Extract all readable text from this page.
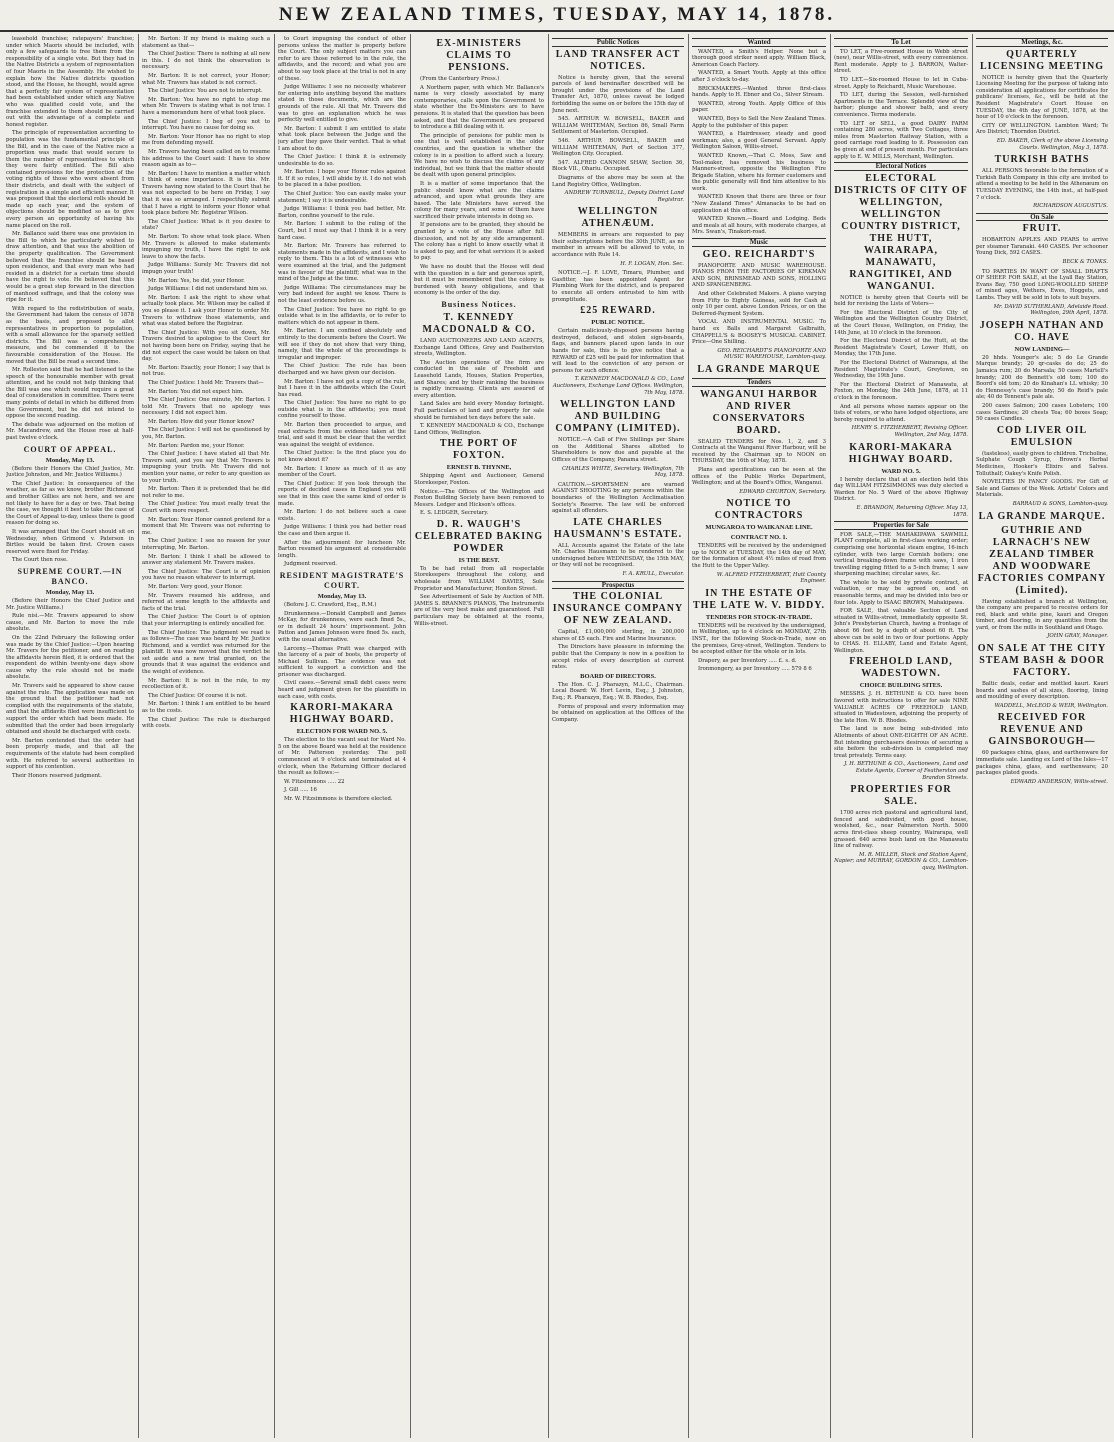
NEW ZEALAND TIMES, TUESDAY, MAY 14, 1878.

leasehold franchise; ratepayers' franchise; under which Maoris should be included, with only a few safeguards to free them from the responsibility of a single vote. But they had in the Native Districts a system of representation of four Maoris in the Assembly. He wished to explain how the Native districts question stood, and the House, he thought, would agree that a perfectly fair system of representation had been established under which any Native who was qualified could vote, and the franchise extended to them should be carried out with the advantage of a complete and honest register.

The principle of representation according to population was the fundamental principle of the Bill, and in the case of the Native race a proportion was made that would secure to them the number of representatives to which they were fairly entitled. The Bill also contained provisions for the protection of the voting rights of those who were absent from their districts, and dealt with the subject of registration in a simple and efficient manner. It was proposed that the electoral rolls should be made up each year, and the system of objections should be modified so as to give every person an opportunity of having his name placed on the roll.

Mr. Ballance said there was one provision in the Bill to which he particularly wished to draw attention, and that was the abolition of the property qualification. The Government believed that the franchise should be based upon residence, and that every man who had resided in a district for a certain time should have the right to vote. He believed that this would be a great step forward in the direction of manhood suffrage, and that the colony was ripe for it.

With regard to the redistribution of seats, the Government had taken the census of 1878 as the basis, and proposed to allot representatives in proportion to population, with a small allowance for the sparsely settled districts. The Bill was a comprehensive measure, and he commended it to the favourable consideration of the House. He moved that the Bill be read a second time.

Mr. Rolleston said that he had listened to the speech of the honourable member with great attention, and he could not help thinking that the Bill was one which would require a great deal of consideration in committee. There were many points of detail in which he differed from the Government, but he did not intend to oppose the second reading.

The debate was adjourned on the motion of Mr. Macandrew, and the House rose at half-past twelve o'clock.

COURT OF APPEAL.
Monday, May 13.

(Before their Honors the Chief Justice, Mr. Justice Johnston, and Mr. Justice Williams.)

The Chief Justice: In consequence of the weather, as far as we know, brother Richmond and brother Gillies are not here, and we are not likely to have for a day or two. That being the case, we thought it best to take the case of the Court of Appeal to-day, unless there is good reason for doing so.

It was arranged that the Court should sit on Wednesday, when Grimond v. Paterson in Birtles would be taken first. Crown cases reserved were fixed for Friday.

The Court then rose.

SUPREME COURT.—IN BANCO.
Monday, May 13.

(Before their Honors the Chief Justice and Mr. Justice Williams.)

Rule nisi.—Mr. Travers appeared to show cause, and Mr. Barton to move the rule absolute.

On the 22nd February the following order was made by the Chief Justice:—Upon hearing Mr. Travers for the petitioner, and on reading the affidavits herein filed, it is ordered that the respondent do within twenty-one days show cause why the rule should not be made absolute.

Mr. Travers said he appeared to show cause against the rule. The application was made on the ground that the petitioner had not complied with the requirements of the statute, and that the affidavits filed were insufficient to support the order which had been made. He submitted that the order had been irregularly obtained and should be discharged with costs.

Mr. Barton contended that the order had been properly made, and that all the requirements of the statute had been complied with. He referred to several authorities in support of his contention.

Their Honors reserved judgment.

Mr. Barton: If my friend is making such a statement as that—

The Chief Justice: There is nothing at all new in this. I do not think the observation is necessary.

Mr. Barton: It is not correct, your Honor; what Mr. Travers has stated is not correct.

The Chief Justice: You are not to interrupt.

Mr. Barton: You have no right to stop me when Mr. Travers is stating what is not true. I have a memorandum here of what took place.

The Chief Justice: I beg of you not to interrupt. You have no cause for doing so.

Mr. Barton: Your Honor has no right to stop me from defending myself.

Mr. Travers having been called on to resume his address to the Court said: I have to show reason again as to—

Mr. Barton: I have to mention a matter which I think of some importance. It is this. Mr. Travers having now stated to the Court that he was not expected to be here on Friday, I say that it was so arranged. I respectfully submit that I have a right to inform your Honor what took place before Mr. Registrar Wilson.

The Chief Justice: What is it you desire to state?

Mr. Barton: To show what took place. When Mr. Travers is allowed to make statements impugning my truth, I have the right to ask leave to show the facts.

Judge Williams: Surely Mr. Travers did not impugn your truth!

Mr. Barton: Yes, he did, your Honor.

Judge Williams: I did not understand him so.

Mr. Barton: I ask the right to show what actually took place. Mr. Wilson may be called if you so please it. I ask your Honor to order Mr. Travers to withdraw those statements, and what was stated before the Registrar.

The Chief Justice: With you sit down, Mr. Travers desired to apologise to the Court for not having been here on Friday, saying that he did not expect the case would be taken on that day.

Mr. Barton: Exactly, your Honor; I say that is not true.

The Chief Justice: I hold Mr. Travers that—

Mr. Barton: You did not expect him.

The Chief Justice: One minute, Mr. Barton. I told Mr. Travers that no apology was necessary. I did not expect him.

Mr. Barton: How did your Honor know?

The Chief Justice: I will not be questioned by you, Mr. Barton.

Mr. Barton: Pardon me, your Honor.

The Chief Justice: I have stated all that Mr. Travers said, and you say that Mr. Travers is impugning your truth. Mr. Travers did not mention your name, or refer to any question as to your truth.

Mr. Barton: Then it is pretended that he did not refer to me.

The Chief Justice: You must really treat the Court with more respect.

Mr. Barton: Your Honor cannot pretend for a moment that Mr. Travers was not referring to me.

The Chief Justice: I see no reason for your interrupting, Mr. Barton.

Mr. Barton: I think I shall be allowed to answer any statement Mr. Travers makes.

The Chief Justice: The Court is of opinion you have no reason whatever to interrupt.

Mr. Barton: Very good, your Honor.

Mr. Travers resumed his address, and referred at some length to the affidavits and facts of the trial.

The Chief Justice: The Court is of opinion that your interrupting is entirely uncalled for.

The Chief Justice: The judgment we read is as follows—The case was heard by Mr. Justice Richmond, and a verdict was returned for the plaintiff. It was now moved that the verdict be set aside and a new trial granted, on the grounds that it was against the evidence and the weight of evidence.

Mr. Barton: It is not in the rule, to my recollection of it.

The Chief Justice: Of course it is not.

Mr. Barton: I think I am entitled to be heard as to the costs.

The Chief Justice: The rule is discharged with costs.

to Court impugning the conduct of other persons unless the matter is properly before the Court. The only subject matters you can refer to are those referred to in the rule, the affidavits, and the record; and what you are about to say took place at the trial is not in any of these.

Judge Williams: I see no necessity whatever for entering into anything beyond the matters stated in those documents, which are the grounds of the rule. All that Mr. Travers did was to give an explanation which he was perfectly well entitled to give.

Mr. Barton: I submit I am entitled to state what took place between the Judge and the jury after they gave their verdict. That is what I am about to do.

The Chief Justice: I think it is extremely undesirable to do so.

Mr. Barton: I hope your Honor rules against it. If it so rules, I will abide by it. I do not wish to be placed in a false position.

The Chief Justice: You can easily make your statement; I say it is undesirable.

Judge Williams: I think you had better, Mr. Barton, confine yourself to the rule.

Mr. Barton: I submit to the ruling of the Court, but I must say that I think it is a very hard case.

Mr. Barton: Mr. Travers has referred to statements made in the affidavits, and I wish to reply to them. This is a lot of witnesses who were examined at the trial, and the judgment was in favour of the plaintiff; what was in the mind of the Judge at the time.

Judge Williams: The circumstances may be very bad indeed for aught we know. There is not the least evidence before us.

The Chief Justice: You have no right to go outside what is in the affidavits, or to refer to matters which do not appear in them.

Mr. Barton: I am confined absolutely and entirely to the documents before the Court. We will see if they do not show that very thing, namely, that the whole of the proceedings is irregular and improper.

The Chief Justice: The rule has been discharged and we have given our decision.

Mr. Barton: I have not got a copy of the rule, but I have it in the affidavits which the Court has read.

The Chief Justice: You have no right to go outside what is in the affidavits; you must confine yourself to those.

Mr. Barton then proceeded to argue, and read extracts from the evidence taken at the trial, and said it must be clear that the verdict was against the weight of evidence.

The Chief Justice: Is the first place you do not know about it?

Mr. Barton: I know as much of it as any member of the Court.

The Chief Justice: If you look through the reports of decided cases in England you will see that in this case the same kind of order is made.

Mr. Barton: I do not believe such a case exists.

Judge Williams: I think you had better read the case and then argue it.

After the adjournment for luncheon Mr. Barton resumed his argument at considerable length.

Judgment reserved.

RESIDENT MAGISTRATE'S COURT.
Monday, May 13.

(Before J. C. Crawford, Esq., R.M.)

Drunkenness.—Donald Campbell and James McKay, for drunkenness, were each fined 5s., or in default 24 hours' imprisonment. John Patton and James Johnson were fined 5s. each, with the usual alternative.

Larceny.—Thomas Pratt was charged with the larceny of a pair of boots, the property of Michael Sullivan. The evidence was not sufficient to support a conviction and the prisoner was discharged.

Civil cases.—Several small debt cases were heard and judgment given for the plaintiffs in each case, with costs.

KARORI-MAKARA HIGHWAY BOARD.
ELECTION FOR WARD NO. 5.

The election to the vacant seat for Ward No. 5 on the above Board was held at the residence of Mr. Patterson yesterday. The poll commenced at 9 o'clock and terminated at 4 o'clock, when the Returning Officer declared the result as follows:—

W. Fitzsimmons ..... 22

J. Gill ..... 16

Mr. W. Fitzsimmons is therefore elected.

EX-MINISTERS CLAIMS TO PENSIONS.

(From the Canterbury Press.)

A Northern paper, with which Mr. Ballance's name is very closely associated by many contemporaries, calls upon the Government to state whether the Ex-Ministers are to have pensions. It is stated that the question has been asked, and that the Government are prepared to introduce a Bill dealing with it.

The principle of pensions for public men is one that is well established in the older countries, and the question is whether the colony is in a position to afford such a luxury. We have no wish to discuss the claims of any individual, but we think that the matter should be dealt with upon general principles.

It is a matter of some importance that the public should know what are the claims advanced, and upon what grounds they are based. The late Ministers have served the colony for many years, and some of them have sacrificed their private interests in doing so.

If pensions are to be granted, they should be granted by a vote of the House after full discussion, and not by any side arrangement. The colony has a right to know exactly what it is asked to pay, and for what services it is asked to pay.

We have no doubt that the House will deal with the question in a fair and generous spirit, but it must be remembered that the colony is burdened with heavy obligations, and that economy is the order of the day.

Business Notices.
T. KENNEDY MACDONALD & CO.

LAND AUCTIONEERS AND LAND AGENTS, Exchange Land Offices, Grey and Featherston streets, Wellington.

The Auction operations of the firm are conducted in the sale of Freehold and Leasehold Lands, Houses, Station Properties, and Shares; and by their ranking the business is rapidly increasing. Clients are assured of every attention.

Land Sales are held every Monday fortnight. Full particulars of land and property for sale should be furnished ten days before the sale.

T. KENNEDY MACDONALD & CO., Exchange Land Offices, Wellington.

THE PORT OF FOXTON.
ERNEST B. THYNNE,

Shipping Agent and Auctioneer, General Storekeeper, Foxton.

Notice.—The Offices of the Wellington and Foxton Building Society have been removed to Messrs. Ledger and Hickson's offices.

E. S. LEDGER, Secretary.

D. R. WAUGH'S CELEBRATED BAKING POWDER
IS THE BEST.

To be had retail from all respectable Storekeepers throughout the colony, and wholesale from WILLIAM DAVIES, Sole Proprietor and Manufacturer, Honiton Street.

See Advertisement of Sale by Auction of MR. JAMES S. BRANNE'S PIANOS, The Instruments are of the very best make and guaranteed. Full particulars may be obtained at the rooms, Willis-street.

Public Notices
LAND TRANSFER ACT NOTICES.

Notice is hereby given, that the several parcels of land hereinafter described will be brought under the provisions of the Land Transfer Act, 1870, unless caveat be lodged forbidding the same on or before the 15th day of June next.

545. ARTHUR W. BOWSELL, BAKER and WILLIAM WHITEMAN, Section 86, Small Farm Settlement of Masterton. Occupied.

546. ARTHUR BOWSELL, BAKER and WILLIAM WHITEMAN, Part of Section 377, Wellington City. Occupied.

547. ALFRED CANNON SHAW, Section 36, Block VII., Ohariu. Occupied.

Diagrams of the above may be seen at the Land Registry Office, Wellington.

ANDREW TURNBULL, Deputy District Land Registrar.

WELLINGTON ATHENÆUM.

MEMBERS in arrears are requested to pay their subscriptions before the 30th JUNE, as no member in arrears will be allowed to vote, in accordance with Rule 14.

H. F. LOGAN, Hon. Sec.

NOTICE.—J. F. LOVE, Timaru, Plumber, and Gasfitter, has been appointed Agent for Plumbing Work for the district, and is prepared to execute all orders entrusted to him with promptitude.

£25 REWARD.
PUBLIC NOTICE.

Certain maliciously-disposed persons having destroyed, defaced, and stolen sign-boards, flags, and banners placed upon lands in our hands for sale, this is to give notice that a REWARD of £25 will be paid for information that will lead to the conviction of any person or persons for such offence.

T. KENNEDY MACDONALD & CO., Land Auctioneers, Exchange Land Offices. Wellington, 7th May, 1878.

WELLINGTON LAND AND BUILDING COMPANY (LIMITED).

NOTICE.—A Call of Five Shillings per Share on the Additional Shares allotted to Shareholders is now due and payable at the Offices of the Company, Panama street.

CHARLES WHITE, Secretary. Wellington, 7th May, 1878.

CAUTION.—SPORTSMEN are warned AGAINST SHOOTING by any persons within the boundaries of the Wellington Acclimatisation Society's Reserve. The law will be enforced against all offenders.

LATE CHARLES HAUSMANN'S ESTATE.

ALL Accounts against the Estate of the late Mr. Charles Hausmann to be rendered to the undersigned before WEDNESDAY, the 15th MAY, or they will not be recognised.

F. A. KRULL, Executor.

Prospectus
THE COLONIAL INSURANCE COMPANY OF NEW ZEALAND.

Capital, £1,000,000 sterling, in 200,000 shares of £5 each. Fire and Marine Insurance.

The Directors have pleasure in informing the public that the Company is now in a position to accept risks of every description at current rates.

BOARD OF DIRECTORS.

The Hon. C. J. Pharazyn, M.L.C., Chairman. Local Board: W. Hort Levin, Esq.; J. Johnston, Esq.; R. Pharazyn, Esq.; W. B. Rhodes, Esq.

Forms of proposal and every information may be obtained on application at the Offices of the Company.

Wanted

WANTED, a Smith's Helper. None but a thorough good striker need apply. William Black, American Coach Factory.

WANTED, a Smart Youth. Apply at this office after 3 o'clock to-day.

BRICKMAKERS.—Wanted three first-class hands. Apply to H. Ebner and Co., Silver Stream.

WANTED, strong Youth. Apply Office of this paper.

WANTED, Boys to Sell the New Zealand Times. Apply to the publisher of this paper.

WANTED, a Hairdresser, steady and good workman; also, a good General Servant. Apply Wellington Saloon, Willis-street.

WANTED Known,—That C. Moss, Saw and Tool-maker, has removed his business to Manners-street, opposite the Wellington Fire Brigade Station, where his former customers and the public generally will find him attentive to his work.

WANTED Known that there are three or four "New Zealand Times" Almanacks to be had on application at this office.

WANTED Known.—Board and Lodging. Beds and meals at all hours, with moderate charges, at Mrs. Swan's, Tinakori-road.

Music
GEO. REICHARDT'S

PIANOFORTE AND MUSIC WAREHOUSE. PIANOS FROM THE FACTORIES OF KIRKMAN AND SON, BRINSMEAD AND SONS, HOLLING AND SPANGENBERG.

And other Celebrated Makers. A piano varying from Fifty to Eighty Guineas, sold for Cash at only 10 per cent. above London Prices, or on the Deferred-Payment System.

VOCAL AND INSTRUMENTAL MUSIC. To hand ex Balls and Margaret Galbraith, CHAPPELL'S & BOOSEY'S MUSICAL CABINET. Price—One Shilling.

GEO. REICHARDT'S PIANOFORTE AND MUSIC WAREHOUSE, Lambton-quay.

LA GRANDE MARQUE
Tenders
WANGANUI HARBOR AND RIVER CONSERVATORS BOARD.

SEALED TENDERS for Nos. 1, 2, and 3 Contracts at the Wanganui River Harbour, will be received by the Chairman up to NOON on THURSDAY, the 16th of May, 1878.

Plans and specifications can be seen at the offices of the Public Works Department, Wellington; and at the Board's Office, Wanganui.

EDWARD CHURTON, Secretary.

NOTICE TO CONTRACTORS
MUNGAROA TO WAIKANAE LINE.
CONTRACT NO. 1.

TENDERS will be received by the undersigned up to NOON of TUESDAY, the 14th day of MAY, for the formation of about 4½ miles of road from the Hutt to the Upper Valley.

W. ALFRED FITZHERBERT, Hutt County Engineer.

IN THE ESTATE OF THE LATE W. V. BIDDY.
TENDERS FOR STOCK-IN-TRADE.

TENDERS will be received by the undersigned, in Wellington, up to 4 o'clock on MONDAY, 27th INST., for the following Stock-in-Trade, now on the premises, Grey-street, Wellington. Tenders to be accepted either for the whole or in lots.

Drapery, as per Inventory ..... £. s. d.

Ironmongery, as per Inventory ..... 579 8 6

To Let

TO LET, a Five-roomed House in Webb street (new), near Willis-street, with every convenience. Rent moderate. Apply to J. BARRON, Walter-street.

TO LET.—Six-roomed House to let in Cuba-street. Apply to Reichardt, Music Warehouse.

TO LET, during the Session, well-furnished Apartments in the Terrace. Splendid view of the harbor; plunge and shower bath, and every convenience. Terms moderate.

TO LET or SELL, a good DAIRY FARM containing 280 acres, with Two Cottages, three miles from Masterton Railway Station, with a good carriage road leading to it. Possession can be given at end of present month. For particulars apply to E. W. MILLS, Merchant, Wellington.

Electoral Notices
ELECTORAL DISTRICTS OF CITY OF WELLINGTON, WELLINGTON COUNTRY DISTRICT, THE HUTT, WAIRARAPA, MANAWATU, RANGITIKEI, AND WANGANUI.

NOTICE is hereby given that Courts will be held for revising the Lists of Voters—

For the Electoral District of the City of Wellington and the Wellington Country District, at the Court House, Wellington, on Friday, the 14th June, at 10 o'clock in the forenoon.

For the Electoral District of the Hutt, at the Resident Magistrate's Court, Lower Hutt, on Monday, the 17th June.

For the Electoral District of Wairarapa, at the Resident Magistrate's Court, Greytown, on Wednesday, the 19th June.

For the Electoral District of Manawatu, at Foxton, on Monday, the 24th June, 1878, at 11 o'clock in the forenoon.

And all persons whose names appear on the lists of voters, or who have lodged objections, are hereby required to attend.

HENRY S. FITZHERBERT, Revising Officer. Wellington, 2nd May, 1878.

KARORI-MAKARA HIGHWAY BOARD.
WARD NO. 5.

I hereby declare that at an election held this day WILLIAM FITZSIMMONS was duly elected a Warden for No. 5 Ward of the above Highway District.

E. BRANDON, Returning Officer. May 13, 1878.

Properties for Sale

FOR SALE,—THE MAHAKIPAWA SAWMILL PLANT complete, all in first-class working order; comprising one horizontal steam engine, 16-inch cylinder, with two large Cornish boilers; one vertical breaking-down frame with saws, 1 iron travelling rigging fitted to a 5-inch frame; 1 saw sharpening machine; circular saws, &c.

The whole to be sold by private contract, at valuation, or may be agreed on, and on reasonable terms, and may be divided into two or four lots. Apply to ISAAC BROWN, Mahakipawa.

FOR SALE, that valuable Section of Land situated in Willis-street, immediately opposite St. John's Presbyterian Church, having a frontage of about 66 feet by a depth of about 60 ft. The above can be sold in two or four portions. Apply to CHAS. H. ELLABY, Land and Estate Agent, Wellington.

FREEHOLD LAND, WADESTOWN.
CHOICE BUILDING SITES.

MESSRS. J. H. BETHUNE & CO. have been favored with instructions to offer for sale NINE VALUABLE ACRES OF FREEHOLD LAND, situated in Wadestown, adjoining the property of the late Hon. W. B. Rhodes.

The land is now being sub-divided into Allotments of about ONE-EIGHTH OF AN ACRE. But intending purchasers desirous of securing a site before the sub-division is completed may treat privately. Terms easy.

J. H. BETHUNE & CO., Auctioneers, Land and Estate Agents, Corner of Featherston and Brandon Streets.

PROPERTIES FOR SALE.

1700 acres rich pastoral and agricultural land, fenced and subdivided, with good house, woolshed, &c., near Palmerston North. 5000 acres first-class sheep country, Wairarapa, well grassed. 640 acres bush land on the Manawatu line of railway.

M. R. MILLER, Stock and Station Agent, Napier; and MURRAY, GORDON & CO., Lambton-quay, Wellington.

Meetings, &c.
QUARTERLY LICENSING MEETING

NOTICE is hereby given that the Quarterly Licensing Meeting for the purpose of taking into consideration all applications for certificates for publicans' licenses, &c., will be held at the Resident Magistrate's Court House on TUESDAY, the 4th day of JUNE, 1878, at the hour of 10 o'clock in the forenoon.

CITY OF WELLINGTON. Lambton Ward; Te Aro District; Thorndon District.

ED. BAKER, Clerk of the above Licensing Courts. Wellington, May 3, 1878.

TURKISH BATHS

ALL PERSONS favorable to the formation of a Turkish Bath Company in this city are invited to attend a meeting to be held in the Athenæum on TUESDAY EVENING, the 14th inst., at half-past 7 o'clock.

RICHARDSON AUGUSTUS.

On Sale
FRUIT.

HOBARTON APPLES AND PEARS to arrive per steamer Taranaki. 440 CASES. Per schooner Young Dick, 592 CASES.

BECK & TONKS.

TO PARTIES IN WANT OF SMALL DRAFTS OF SHEEP. FOR SALE, at the Lyall Bay Station, Evans Bay, 750 good LONG-WOOLLED SHEEP of mixed ages, Wethers, Ewes, Hoggets, and Lambs. They will be sold in lots to suit buyers.

Mr. DAVID SUTHERLAND, Adelaide Road. Wellington, 29th April, 1878.

JOSEPH NATHAN AND CO. HAVE
NOW LANDING—

20 hhds. Younger's ale; 5 do Le Grande Marque brandy; 20 qr-casks do do; 25 do Jamaica rum; 20 do Marsala; 50 cases Martell's brandy; 200 do Bennett's old tom; 100 do Boord's old tom; 20 do Kinahan's LL whisky; 30 do Hennessy's case brandy; 50 do Reid's pale ale; 40 do Tennent's pale ale.

200 cases Salmon; 200 cases Lobsters; 100 cases Sardines; 20 chests Tea; 60 boxes Soap; 50 cases Candles.

COD LIVER OIL EMULSION

(tasteless), easily given to children. Tricholine, Sulphate Cough Syrup, Brown's Herbal Medicines, Hooker's Elixirs and Salves. Tolluthalf; Oakey's Knife Polish.

NOVELTIES IN FANCY GOODS. For Gift of Sale and Games of the Week. Artists' Colors and Materials.

BARRAUD & SONS, Lambton-quay.

LA GRANDE MARQUE.
GUTHRIE AND LARNACH'S NEW ZEALAND TIMBER AND WOODWARE FACTORIES COMPANY (Limited).

Having established a branch at Wellington, the company are prepared to receive orders for red, black and white pine, kauri and Oregon timber, and flooring, in any quantities from the yard, or from the mills in Southland and Otago.

JOHN GRAY, Manager.

ON SALE AT THE CITY STEAM BASH & DOOR FACTORY.

Baltic deals, cedar and mottled kauri. Kauri boards and sashes of all sizes, flooring, lining and moulding of every description.

WADDELL, McLEOD & WEIR, Wellington.

RECEIVED FOR REVENUE AND GAINSBOROUGH—

60 packages china, glass, and earthenware for immediate sale. Landing ex Lord of the Isles—17 packages china, glass, and earthenware; 20 packages plated goods.

EDWARD ANDERSON, Willis-street.
